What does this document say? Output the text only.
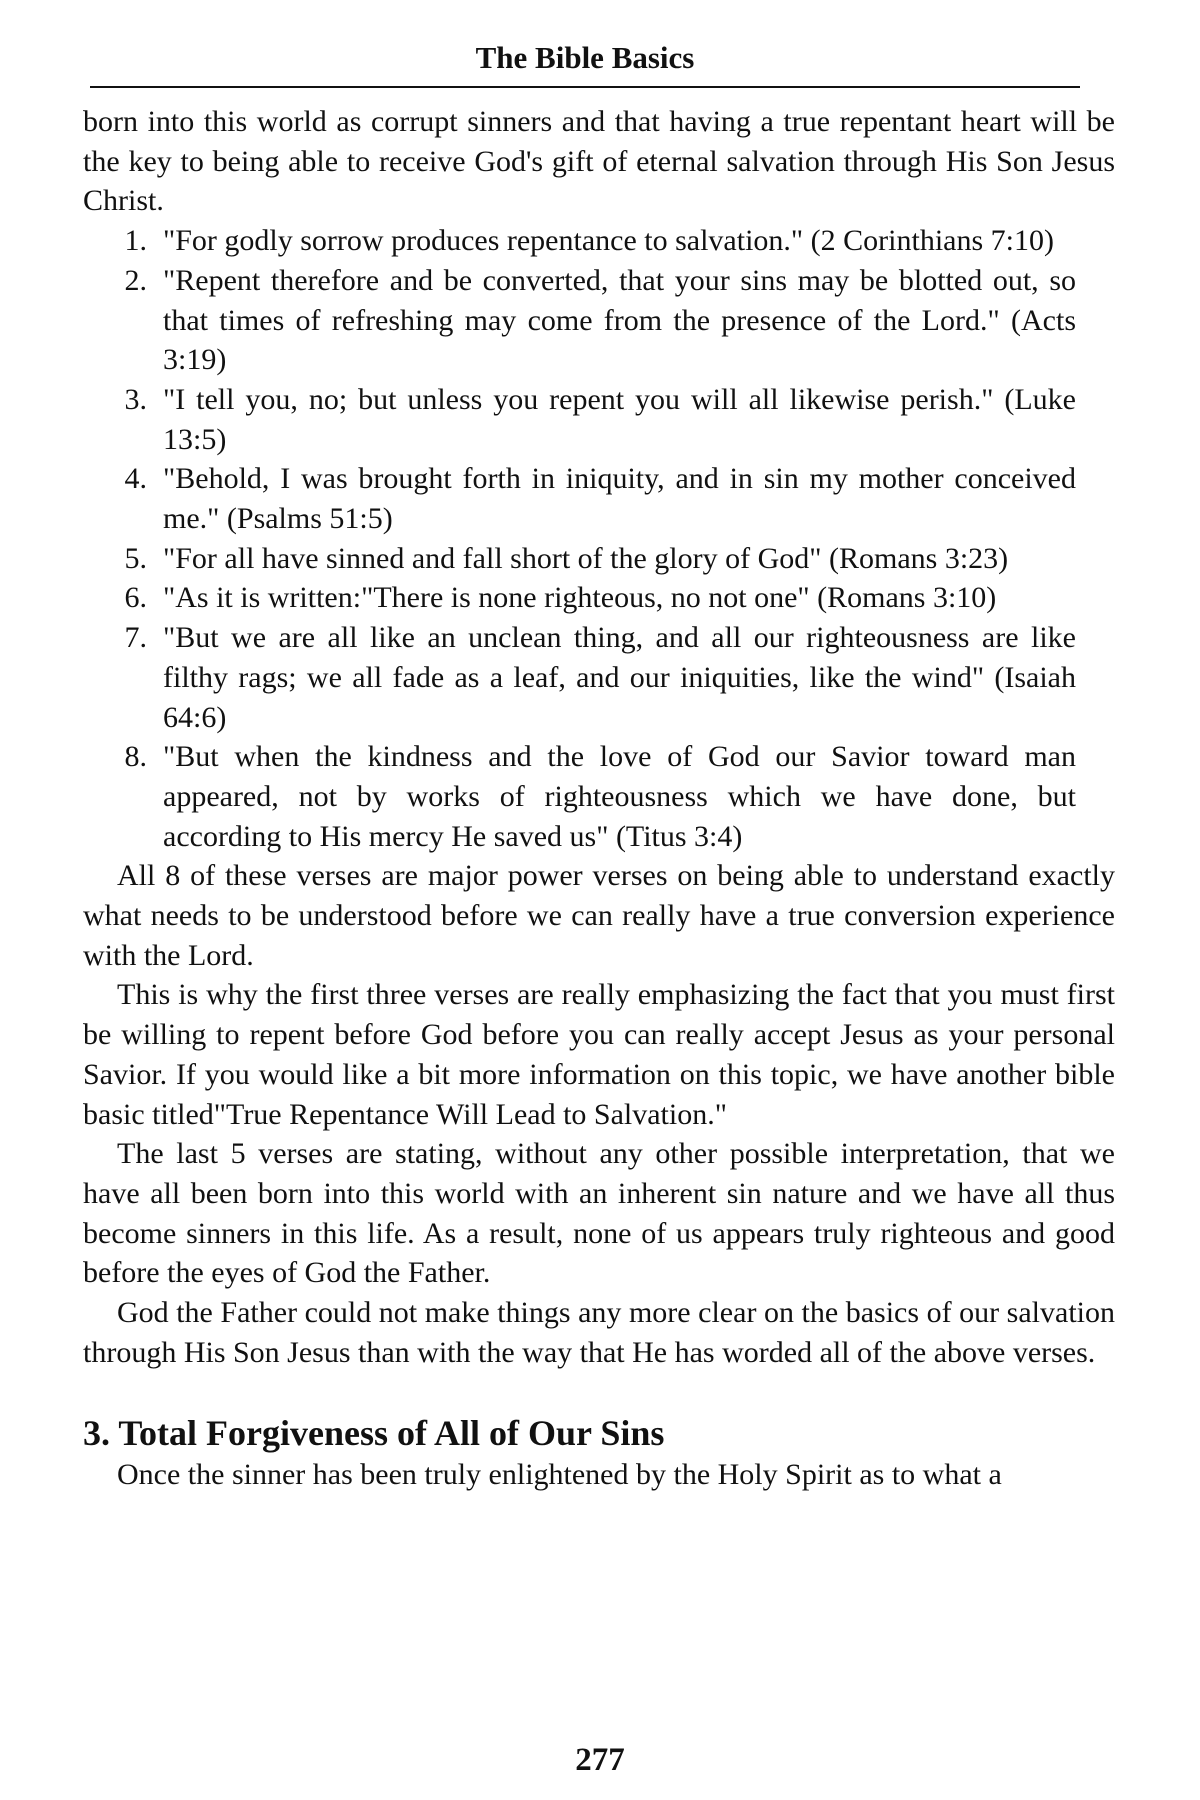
The Bible Basics

born into this world as corrupt sinners and that having a true repentant heart will be the key to being able to receive God's gift of eternal salvation through His Son Jesus Christ.

1. "For godly sorrow produces repentance to salvation." (2 Corinthians 7:10)
2. "Repent therefore and be converted, that your sins may be blotted out, so that times of refreshing may come from the presence of the Lord." (Acts 3:19)
3. "I tell you, no; but unless you repent you will all likewise perish." (Luke 13:5)
4. "Behold, I was brought forth in iniquity, and in sin my mother conceived me." (Psalms 51:5)
5. "For all have sinned and fall short of the glory of God" (Romans 3:23)
6. "As it is written:"There is none righteous, no not one" (Romans 3:10)
7. "But we are all like an unclean thing, and all our righteousness are like filthy rags; we all fade as a leaf, and our iniquities, like the wind" (Isaiah 64:6)
8. "But when the kindness and the love of God our Savior toward man appeared, not by works of righteousness which we have done, but according to His mercy He saved us" (Titus 3:4)

All 8 of these verses are major power verses on being able to understand exactly what needs to be understood before we can really have a true conversion experience with the Lord.

This is why the first three verses are really emphasizing the fact that you must first be willing to repent before God before you can really accept Jesus as your personal Savior. If you would like a bit more information on this topic, we have another bible basic titled"True Repentance Will Lead to Salvation."

The last 5 verses are stating, without any other possible interpretation, that we have all been born into this world with an inherent sin nature and we have all thus become sinners in this life. As a result, none of us appears truly righteous and good before the eyes of God the Father.

God the Father could not make things any more clear on the basics of our salvation through His Son Jesus than with the way that He has worded all of the above verses.

3. Total Forgiveness of All of Our Sins

Once the sinner has been truly enlightened by the Holy Spirit as to what a

277
